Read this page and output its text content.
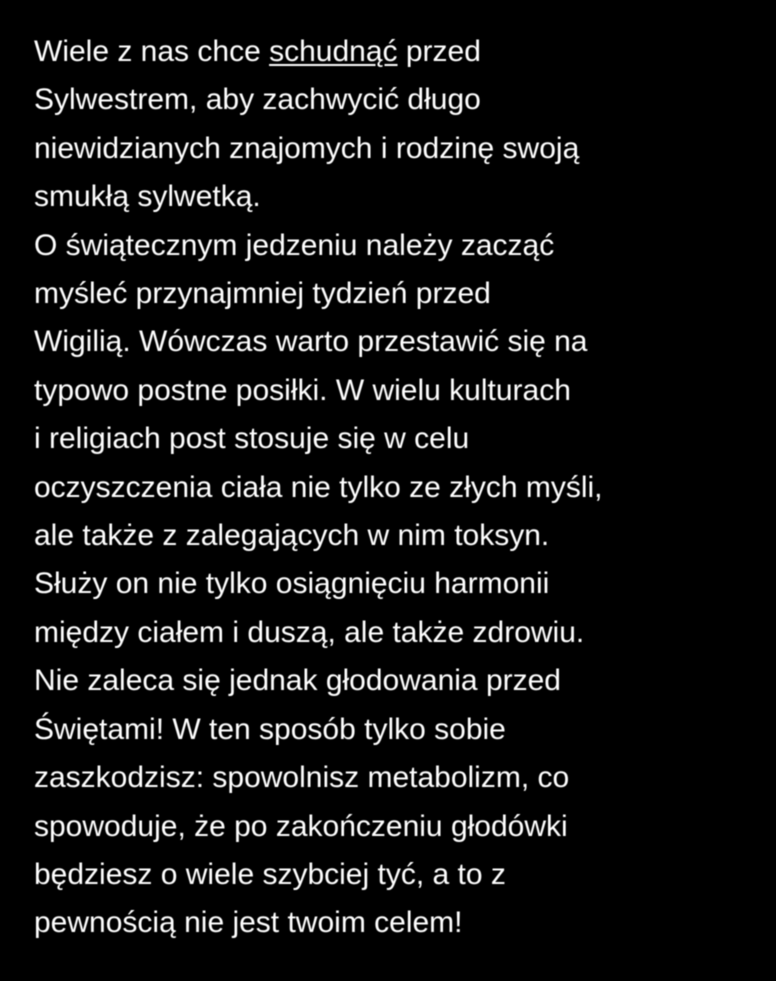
Wiele z nas chce schudnąć przed
Sylwestrem, aby zachwycić długo
niewidzianych znajomych i rodzinę swoją
smukłą sylwetką.
O świątecznym jedzeniu należy zacząć
myśleć przynajmniej tydzień przed
Wigilią. Wówczas warto przestawić się na
typowo postne posiłki. W wielu kulturach
i religiach post stosuje się w celu
oczyszczenia ciała nie tylko ze złych myśli,
ale także z zalegających w nim toksyn.
Służy on nie tylko osiągnięciu harmonii
między ciałem i duszą, ale także zdrowiu.
Nie zaleca się jednak głodowania przed
Świętami! W ten sposób tylko sobie
zaszkodzisz: spowolnisz metabolizm, co
spowoduje, że po zakończeniu głodówki
będziesz o wiele szybciej tyć, a to z
pewnością nie jest twoim celem!
